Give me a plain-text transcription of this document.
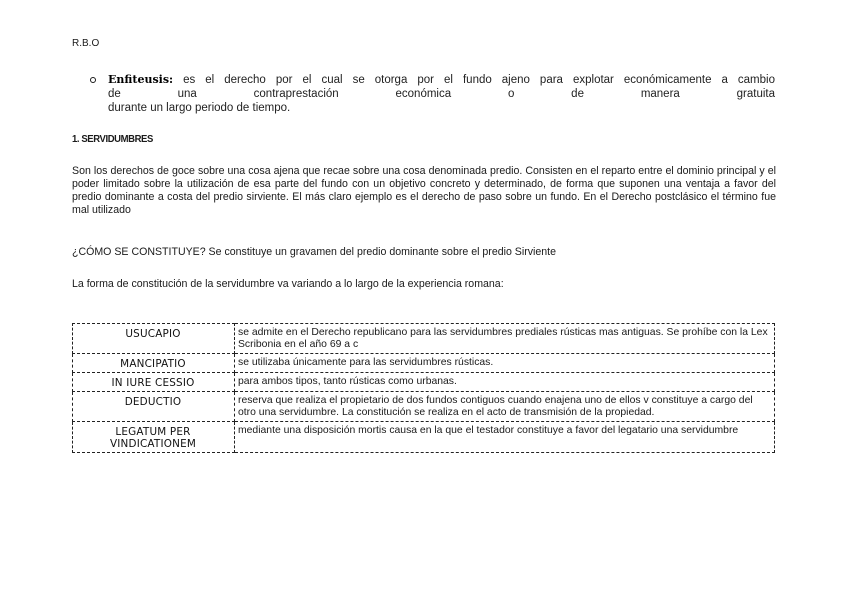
R.B.O
Enfiteusis: es el derecho por el cual se otorga por el fundo ajeno para explotar económicamente a cambio
de una contraprestación económica o de manera gratuita
durante un largo periodo de tiempo.
1. SERVIDUMBRES
Son los derechos de goce sobre una cosa ajena que recae sobre una cosa denominada predio. Consisten en el reparto entre el dominio principal y el poder limitado sobre la utilización de esa parte del fundo con un objetivo concreto y determinado, de forma que suponen una ventaja a favor del predio dominante a costa del predio sirviente. El más claro ejemplo es el derecho de paso sobre un fundo. En el Derecho postclásico el término fue mal utilizado
¿CÓMO SE CONSTITUYE? Se constituye un gravamen del predio dominante sobre el predio Sirviente
La forma de constitución de la servidumbre va variando a lo largo de la experiencia romana:
USUCAPIO	se admite en el Derecho republicano para las servidumbres prediales rústicas mas antiguas. Se prohíbe con la Lex Scribonia en el año 69 a c
MANCIPATIO	se utilizaba únicamente para las servidumbres rústicas.
IN IURE CESSIO	para ambos tipos, tanto rústicas como urbanas.
DEDUCTIO	reserva que realiza el propietario de dos fundos contiguos cuando enajena uno de ellos v constituye a cargo del otro una servidumbre. La constitución se realiza en el acto de transmisión de la propiedad.
LEGATUM PER VINDICATIONEM	mediante una disposición mortis causa en la que el testador constituye a favor del legatario una servidumbre
